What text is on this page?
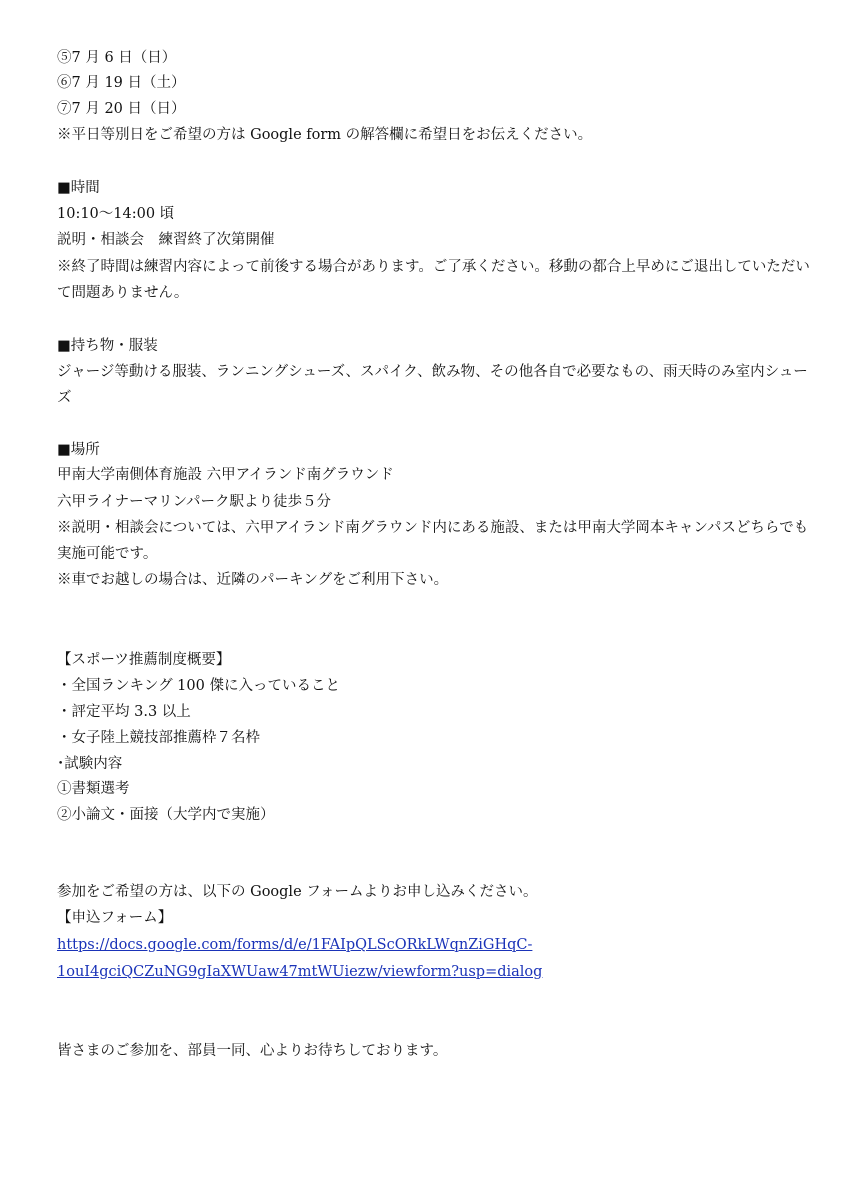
⑤7 月 6 日（日）
⑥7 月 19 日（土）
⑦7 月 20 日（日）
※平日等別日をご希望の方は Google form の解答欄に希望日をお伝えください。
■時間
10:10〜14:00 頃
説明・相談会　練習終了次第開催
※終了時間は練習内容によって前後する場合があります。ご了承ください。移動の都合上早めにご退出していただい
て問題ありません。
■持ち物・服装
ジャージ等動ける服装、ランニングシューズ、スパイク、飲み物、その他各自で必要なもの、雨天時のみ室内シュー
ズ
■場所
甲南大学南側体育施設 六甲アイランド南グラウンド
六甲ライナーマリンパーク駅より徒歩５分
※説明・相談会については、六甲アイランド南グラウンド内にある施設、または甲南大学岡本キャンパスどちらでも
実施可能です。
※車でお越しの場合は、近隣のパーキングをご利用下さい。
【スポーツ推薦制度概要】
・全国ランキング 100 傑に入っていること
・評定平均 3.3 以上
・女子陸上競技部推薦枠７名枠
･試験内容
①書類選考
②小論文・面接（大学内で実施）
参加をご希望の方は、以下の Google フォームよりお申し込みください。
【申込フォーム】
https://docs.google.com/forms/d/e/1FAIpQLScORkLWqnZiGHqC-
1ouI4gciQCZuNG9gIaXWUaw47mtWUiezw/viewform?usp=dialog
皆さまのご参加を、部員一同、心よりお待ちしております。
